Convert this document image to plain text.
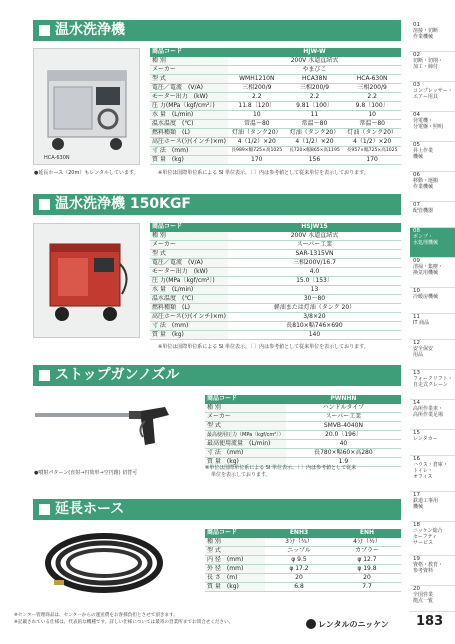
温水洗浄機
HCA-630N
商品コード	HJW-W		
種 別	200V 水道直結式		
メーカー	やまびこ		
型 式	WMH1210N	HCA38N	HCA-630N
電圧／電流　(V/A)	三相200/9	三相200/9	三相200/9
モーター出力　(kW)	2.2	2.2	2.2
圧 力(MPa〔kgf/cm²〕)	11.8〔120〕	9.81〔100〕	9.8〔100〕
水 量　(L/min)	10	11	10
温水温度　(℃)	常温～80	常温～80	常温～80
燃料種類　(L)	灯油（タンク20）	灯油（タンク20）	灯油（タンク20）
高圧ホース(分(インチ)×m)	4（1/2）×20	4（1/2）×20	4（1/2）×20
寸 法　(mm)	長989×幅725×高1025	長720×幅865×高1195	長957×幅725×高1025
質 量　(kg)	170	156	170
●延長ホース（20m）もレンタルしています。	※単位は国際単位系による SI 単位表示。〔 〕内は参考値として従来単位を表示しております。
温水洗浄機 150KGF
商品コード	HSJW15
種 別	200V 水道直結式
メーカー	スーパー工業
型 式	SAR-1315VN
電圧／電流　(V/A)	三相200V/16.7
モーター出力　(kW)	4.0
圧 力(MPa〔kgf/cm²〕)	15.0〔153〕
水 量　(L/min)	13
温水温度　(℃)	30～80
燃料種類　(L)	軽油または灯油（タンク 20）
高圧ホース(分(インチ)×m)	3/8×20
寸 法　(mm)	長810×幅746×690
質 量　(kg)	140
※単位は国際単位系による SI 単位表示。〔 〕内は参考値として従来単位を表示しております。
ストップガンノズル
商品コード	PWNHN
種 別	ハンドルタイプ
メーカー	スーパー工業
型 式	SMVB-4040N
最高使用圧力（MPa〔kgf/cm²〕）	20.0〔196〕
最高使用流量　(L/min)	40
寸 法　(mm)	長780×幅60×高280
質 量　(kg)	1.9
●噴射パターン(直射→円筒形→空円錐) 切替可
※単位は国際単位系による SI 単位表示。〔 〕内は参考値として従来
単位を表示しております。
延長ホース
商品コード	ENH3	ENH
種 別	3分（¾）	4分（½）
型 式	ニップル	カプラー
内 径　(mm)	φ 9.5	φ 12.7
外 径　(mm)	φ 17.2	φ 19.8
長 さ　(m)	20	20
質 量　(kg)	6.8	7.7
※センター管理商品は、センターからの運送費をお客様負担とさせて頂きます。
※記載されている仕様は、代表的な機種です。詳しい仕様については最寄の営業所までお問合せください。	レンタルのニッケン
01
溶接・切断
作業機械
02
切断・切削・
加工・締付
03
コンプレッサー・
エアー用具
04
発電機・
分電盤・照明
05
昇上作業
機械
06
移動・運搬
作業機械
07
配管機器
08
ポンプ・
水処理機械
09
清掃・集塵・
换気用機械
10
冷暖房機械
11
IT 商品
12
安全保安
用品
13
フォークリフト・
自走式クレーン
14
高所作業車・
高所作業足場
15
レンタカー
16
ハウス・倉庫・
トイレ・
オフィス
17
鉄道工事用
機械
18
ニッケン総合
セーフティ
サービス
19
資格・教育・
参考資料
20
全国営業
拠点一覧
183
